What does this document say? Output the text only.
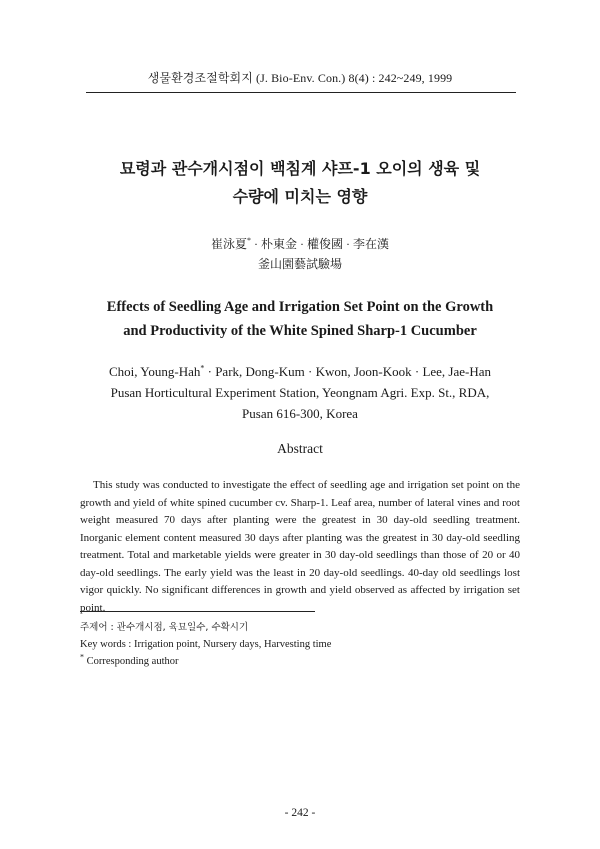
생물환경조절학회지 (J. Bio-Env. Con.) 8(4) : 242~249, 1999
묘령과 관수개시점이 백침계 샤프-1 오이의 생육 및
수량에 미치는 영향
崔泳夏* · 朴東金 · 權俊國 · 李在漢
釜山園藝試驗場
Effects of Seedling Age and Irrigation Set Point on the Growth
and Productivity of the White Spined Sharp-1 Cucumber
Choi, Young-Hah* · Park, Dong-Kum · Kwon, Joon-Kook · Lee, Jae-Han
Pusan Horticultural Experiment Station, Yeongnam Agri. Exp. St., RDA,
Pusan 616-300, Korea
Abstract

This study was conducted to investigate the effect of seedling age and irrigation set point on the growth and yield of white spined cucumber cv. Sharp-1. Leaf area, number of lateral vines and root weight measured 70 days after planting were the greatest in 30 day-old seedling treatment. Inorganic element content measured 30 days after planting was the greatest in 30 day-old seedling treatment. Total and marketable yields were greater in 30 day-old seedlings than those of 20 or 40 day-old seedlings. The early yield was the least in 20 day-old seedlings. 40-day old seedlings lost vigor quickly. No significant differences in growth and yield observed as affected by irrigation set point.

주제어 : 관수개시점, 육묘일수, 수확시기
Key words : Irrigation point, Nursery days, Harvesting time
* Corresponding author
- 242 -
